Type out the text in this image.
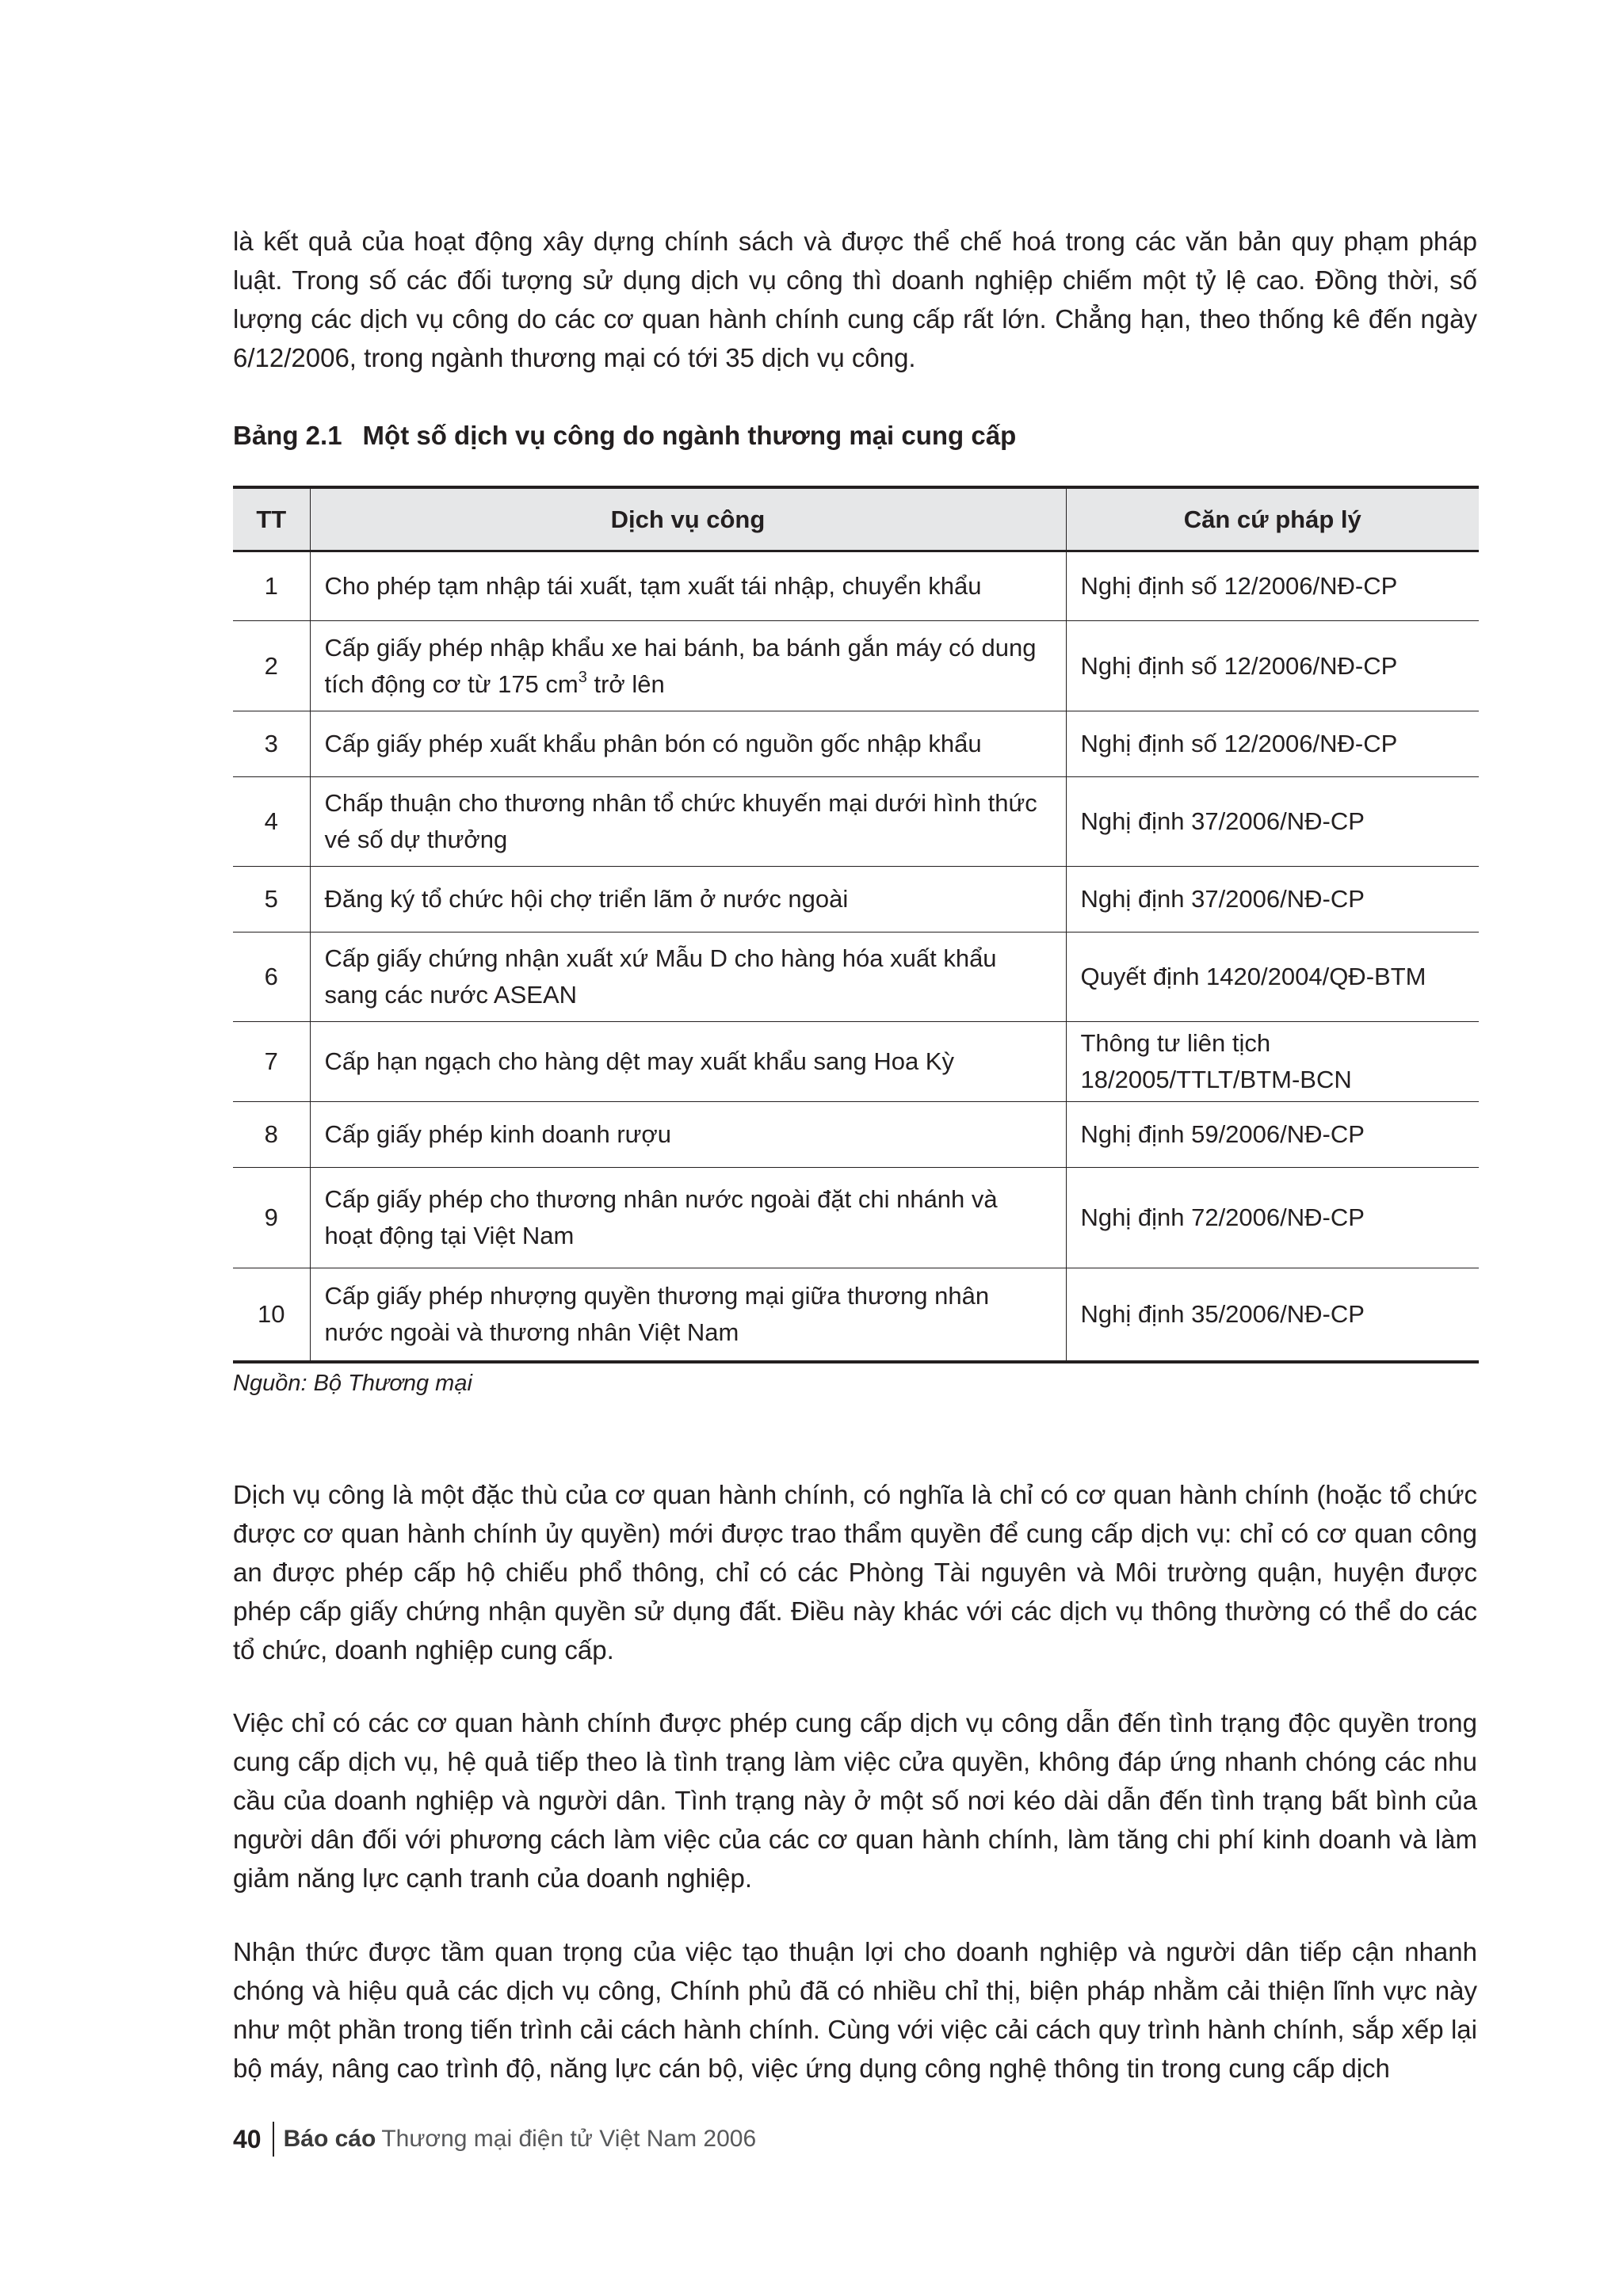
là kết quả của hoạt động xây dựng chính sách và được thể chế hoá trong các văn bản quy phạm pháp luật. Trong số các đối tượng sử dụng dịch vụ công thì doanh nghiệp chiếm một tỷ lệ cao. Đồng thời, số lượng các dịch vụ công do các cơ quan hành chính cung cấp rất lớn. Chẳng hạn, theo thống kê đến ngày 6/12/2006, trong ngành thương mại có tới 35 dịch vụ công.

Bảng 2.1 Một số dịch vụ công do ngành thương mại cung cấp

TT	Dịch vụ công	Căn cứ pháp lý
1	Cho phép tạm nhập tái xuất, tạm xuất tái nhập, chuyển khẩu	Nghị định số 12/2006/NĐ-CP
2	Cấp giấy phép nhập khẩu xe hai bánh, ba bánh gắn máy có dung tích động cơ từ 175 $cm^3$ trở lên	Nghị định số 12/2006/NĐ-CP
3	Cấp giấy phép xuất khẩu phân bón có nguồn gốc nhập khẩu	Nghị định số 12/2006/NĐ-CP
4	Chấp thuận cho thương nhân tổ chức khuyến mại dưới hình thức vé số dự thưởng	Nghị định 37/2006/NĐ-CP
5	Đăng ký tổ chức hội chợ triển lãm ở nước ngoài	Nghị định 37/2006/NĐ-CP
6	Cấp giấy chứng nhận xuất xứ Mẫu D cho hàng hóa xuất khẩu sang các nước ASEAN	Quyết định 1420/2004/QĐ-BTM
7	Cấp hạn ngạch cho hàng dệt may xuất khẩu sang Hoa Kỳ	Thông tư liên tịch 18/2005/TTLT/BTM-BCN
8	Cấp giấy phép kinh doanh rượu	Nghị định 59/2006/NĐ-CP
9	Cấp giấy phép cho thương nhân nước ngoài đặt chi nhánh và hoạt động tại Việt Nam	Nghị định 72/2006/NĐ-CP
10	Cấp giấy phép nhượng quyền thương mại giữa thương nhân nước ngoài và thương nhân Việt Nam	Nghị định 35/2006/NĐ-CP

Nguồn: Bộ Thương mại

Dịch vụ công là một đặc thù của cơ quan hành chính, có nghĩa là chỉ có cơ quan hành chính (hoặc tổ chức được cơ quan hành chính ủy quyền) mới được trao thẩm quyền để cung cấp dịch vụ: chỉ có cơ quan công an được phép cấp hộ chiếu phổ thông, chỉ có các Phòng Tài nguyên và Môi trường quận, huyện được phép cấp giấy chứng nhận quyền sử dụng đất. Điều này khác với các dịch vụ thông thường có thể do các tổ chức, doanh nghiệp cung cấp.

Việc chỉ có các cơ quan hành chính được phép cung cấp dịch vụ công dẫn đến tình trạng độc quyền trong cung cấp dịch vụ, hệ quả tiếp theo là tình trạng làm việc cửa quyền, không đáp ứng nhanh chóng các nhu cầu của doanh nghiệp và người dân. Tình trạng này ở một số nơi kéo dài dẫn đến tình trạng bất bình của người dân đối với phương cách làm việc của các cơ quan hành chính, làm tăng chi phí kinh doanh và làm giảm năng lực cạnh tranh của doanh nghiệp.

Nhận thức được tầm quan trọng của việc tạo thuận lợi cho doanh nghiệp và người dân tiếp cận nhanh chóng và hiệu quả các dịch vụ công, Chính phủ đã có nhiều chỉ thị, biện pháp nhằm cải thiện lĩnh vực này như một phần trong tiến trình cải cách hành chính. Cùng với việc cải cách quy trình hành chính, sắp xếp lại bộ máy, nâng cao trình độ, năng lực cán bộ, việc ứng dụng công nghệ thông tin trong cung cấp dịch

40 Báo cáo Thương mại điện tử Việt Nam 2006
